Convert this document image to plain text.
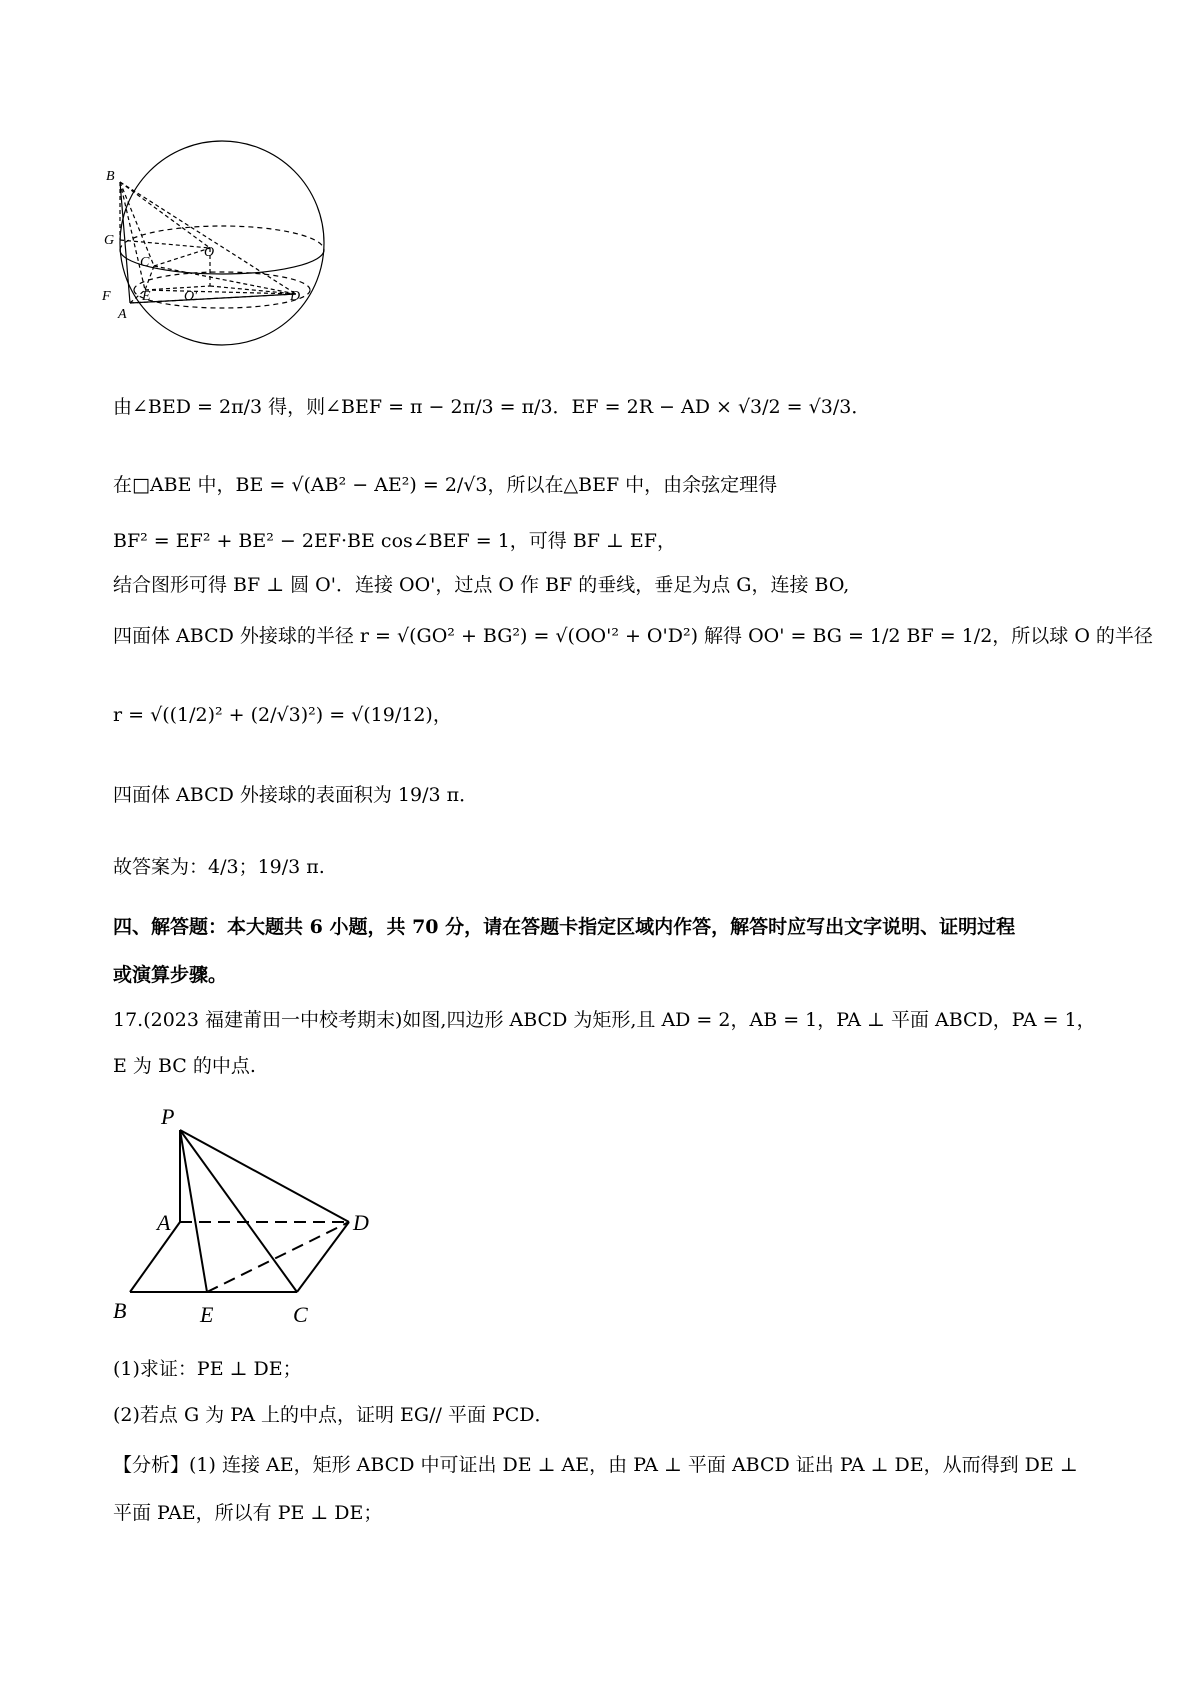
B
G
C
O
F E O'	D
A
由∠BED = 2π/3 得，则∠BEF = π − 2π/3 = π/3．EF = 2R − AD × √3/2 = √3/3．
在□ABE 中，BE = √(AB² − AE²) = 2/√3，所以在△BEF 中，由余弦定理得
BF² = EF² + BE² − 2EF·BE cos∠BEF = 1，可得 BF ⊥ EF，
结合图形可得 BF ⊥ 圆 O'．连接 OO'，过点 O 作 BF 的垂线，垂足为点 G，连接 BO,
四面体 ABCD 外接球的半径 r = √(GO² + BG²) = √(OO'² + O'D²) 解得 OO' = BG = 1/2 BF = 1/2，所以球 O 的半径
r = √((1/2)² + (2/√3)²) = √(19/12)，
四面体 ABCD 外接球的表面积为 19/3 π．
故答案为：4/3；19/3 π.
四、解答题：本大题共 6 小题，共 70 分，请在答题卡指定区域内作答，解答时应写出文字说明、证明过程
或演算步骤。
17.(2023 福建莆田一中校考期末)如图,四边形 ABCD 为矩形,且 AD = 2，AB = 1，PA ⊥ 平面 ABCD，PA = 1，
E 为 BC 的中点.
P
A	D
B	E	C
(1)求证：PE ⊥ DE；
(2)若点 G 为 PA 上的中点，证明 EG// 平面 PCD．
【分析】(1) 连接 AE，矩形 ABCD 中可证出 DE ⊥ AE，由 PA ⊥ 平面 ABCD 证出 PA ⊥ DE，从而得到 DE ⊥
平面 PAE，所以有 PE ⊥ DE；
